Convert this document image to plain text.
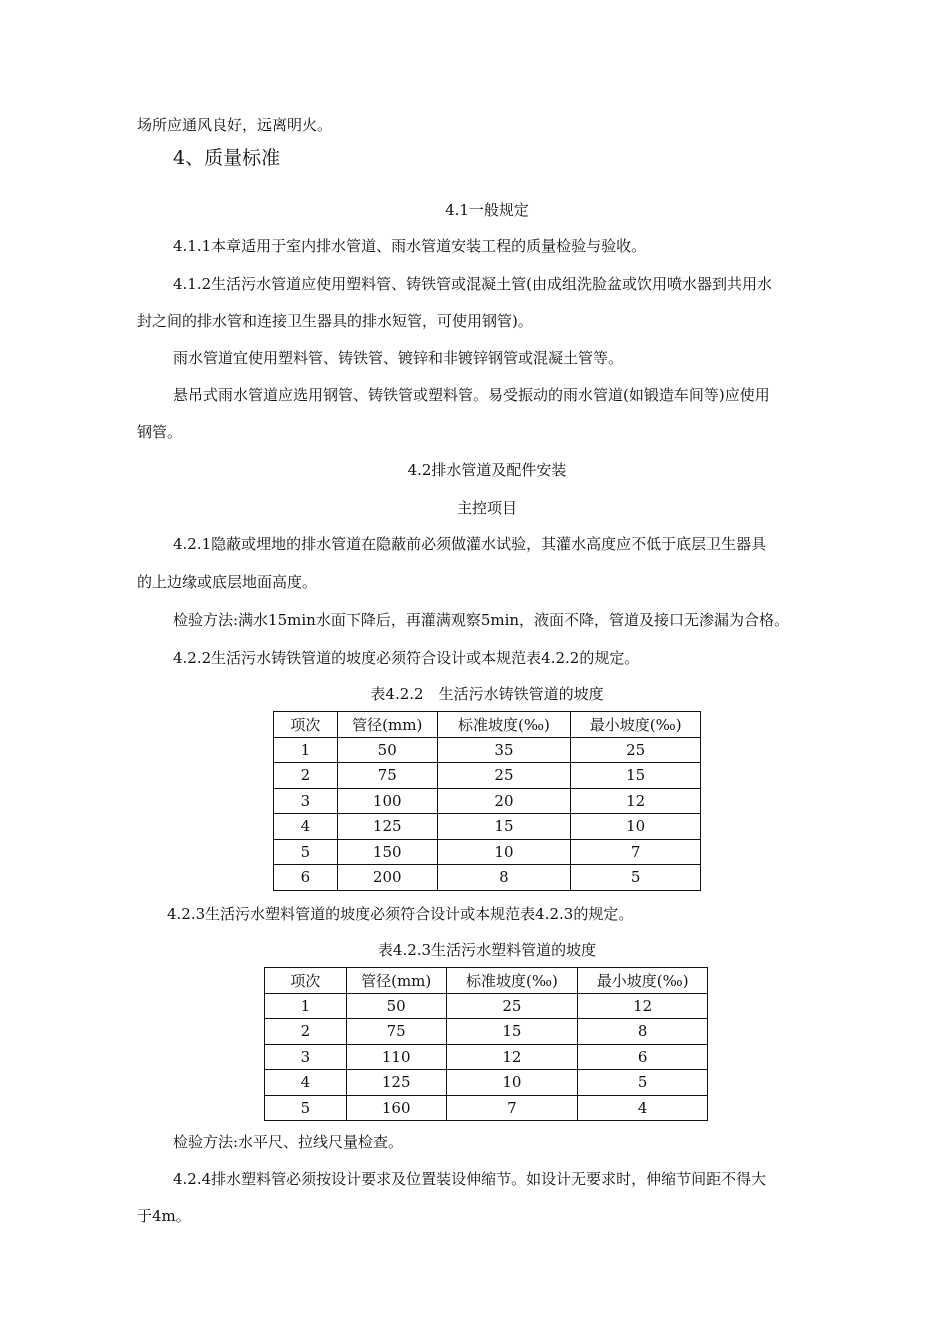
场所应通风良好，远离明火。
4、质量标准
4.1一般规定
4.1.1本章适用于室内排水管道、雨水管道安装工程的质量检验与验收。
4.1.2生活污水管道应使用塑料管、铸铁管或混凝土管(由成组洗脸盆或饮用喷水器到共用水
封之间的排水管和连接卫生器具的排水短管，可使用钢管)。
雨水管道宜使用塑料管、铸铁管、镀锌和非镀锌钢管或混凝土管等。
悬吊式雨水管道应选用钢管、铸铁管或塑料管。易受振动的雨水管道(如锻造车间等)应使用
钢管。
4.2排水管道及配件安装
主控项目
4.2.1隐蔽或埋地的排水管道在隐蔽前必须做灌水试验，其灌水高度应不低于底层卫生器具
的上边缘或底层地面高度。
检验方法:满水15min水面下降后，再灌满观察5min，液面不降，管道及接口无渗漏为合格。
4.2.2生活污水铸铁管道的坡度必须符合设计或本规范表4.2.2的规定。
表4.2.2　生活污水铸铁管道的坡度
项次	管径(mm)	标准坡度(‰)	最小坡度(‰)
1	50	35	25
2	75	25	15
3	100	20	12
4	125	15	10
5	150	10	7
6	200	8	5
4.2.3生活污水塑料管道的坡度必须符合设计或本规范表4.2.3的规定。
表4.2.3生活污水塑料管道的坡度
项次	管径(mm)	标准坡度(‰)	最小坡度(‰)
1	50	25	12
2	75	15	8
3	110	12	6
4	125	10	5
5	160	7	4
检验方法:水平尺、拉线尺量检查。
4.2.4排水塑料管必须按设计要求及位置装设伸缩节。如设计无要求时，伸缩节间距不得大
于4m。
